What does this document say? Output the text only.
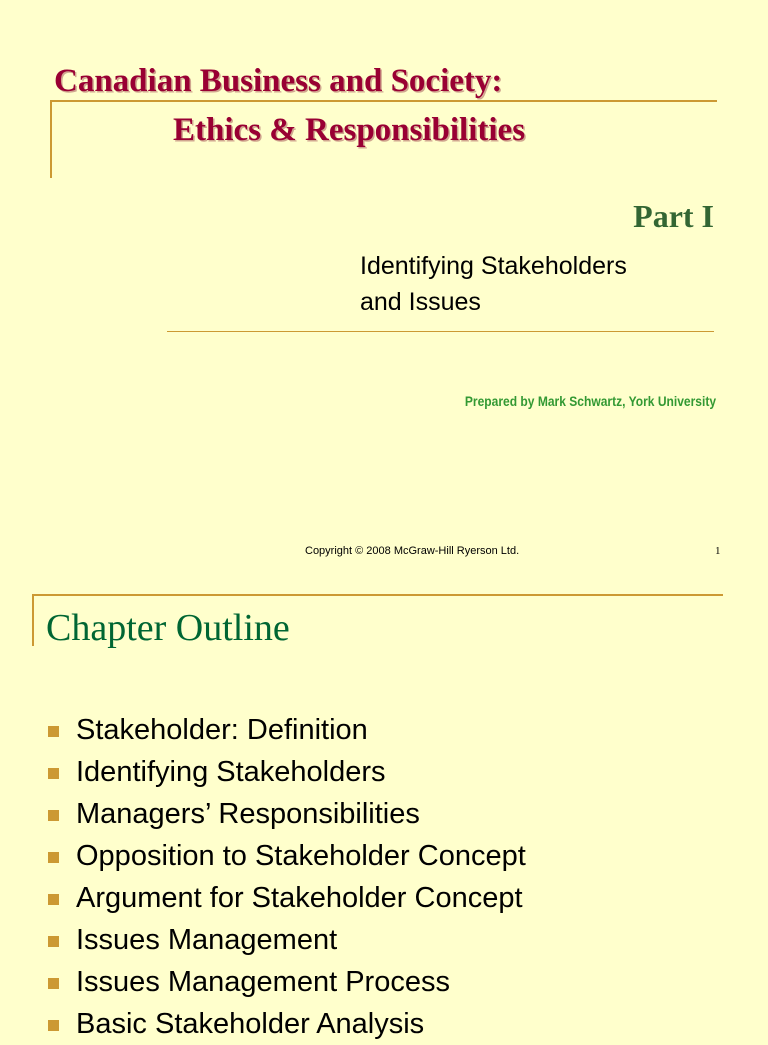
Canadian Business and Society:
Ethics & Responsibilities
Part I
Identifying Stakeholders
and Issues
Prepared by Mark Schwartz, York University
Copyright © 2008 McGraw-Hill Ryerson Ltd.	1
Chapter Outline
Stakeholder: Definition
Identifying Stakeholders
Managers’ Responsibilities
Opposition to Stakeholder Concept
Argument for Stakeholder Concept
Issues Management
Issues Management Process
Basic Stakeholder Analysis
